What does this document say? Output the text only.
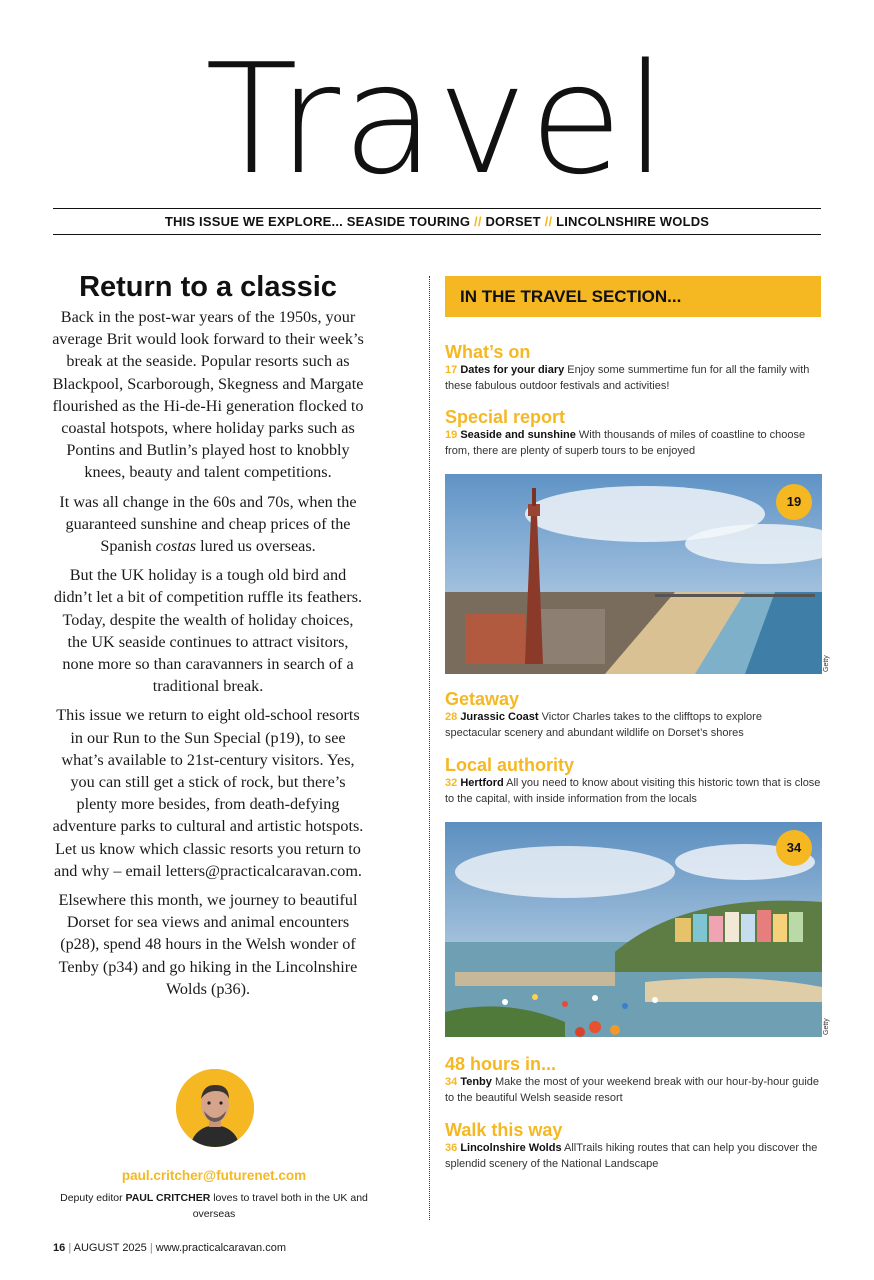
Travel
THIS ISSUE WE EXPLORE... SEASIDE TOURING // DORSET // LINCOLNSHIRE WOLDS
Return to a classic

Back in the post-war years of the 1950s, your average Brit would look forward to their week’s break at the seaside. Popular resorts such as Blackpool, Scarborough, Skegness and Margate flourished as the Hi-de-Hi generation flocked to coastal hotspots, where holiday parks such as Pontins and Butlin’s played host to knobbly knees, beauty and talent competitions.

It was all change in the 60s and 70s, when the guaranteed sunshine and cheap prices of the Spanish costas lured us overseas.

But the UK holiday is a tough old bird and didn’t let a bit of competition ruffle its feathers. Today, despite the wealth of holiday choices, the UK seaside continues to attract visitors, none more so than caravanners in search of a traditional break.

This issue we return to eight old-school resorts in our Run to the Sun Special (p19), to see what’s available to 21st-century visitors. Yes, you can still get a stick of rock, but there’s plenty more besides, from death-defying adventure parks to cultural and artistic hotspots. Let us know which classic resorts you return to and why – email letters@practicalcaravan.com.

Elsewhere this month, we journey to beautiful Dorset for sea views and animal encounters (p28), spend 48 hours in the Welsh wonder of Tenby (p34) and go hiking in the Lincolnshire Wolds (p36).

paul.critcher@futurenet.com
Deputy editor PAUL CRITCHER loves to travel both in the UK and overseas
IN THE TRAVEL SECTION...
What’s on
17 Dates for your diary Enjoy some summertime fun for all the family with these fabulous outdoor festivals and activities!
Special report
19 Seaside and sunshine With thousands of miles of coastline to choose from, there are plenty of superb tours to be enjoyed
19
Getty
Getaway
28 Jurassic Coast Victor Charles takes to the clifftops to explore spectacular scenery and abundant wildlife on Dorset’s shores
Local authority
32 Hertford All you need to know about visiting this historic town that is close to the capital, with inside information from the locals
34
Getty
48 hours in...
34 Tenby Make the most of your weekend break with our hour-by-hour guide to the beautiful Welsh seaside resort
Walk this way
36 Lincolnshire Wolds AllTrails hiking routes that can help you discover the splendid scenery of the National Landscape
16 | AUGUST 2025 | www.practicalcaravan.com
